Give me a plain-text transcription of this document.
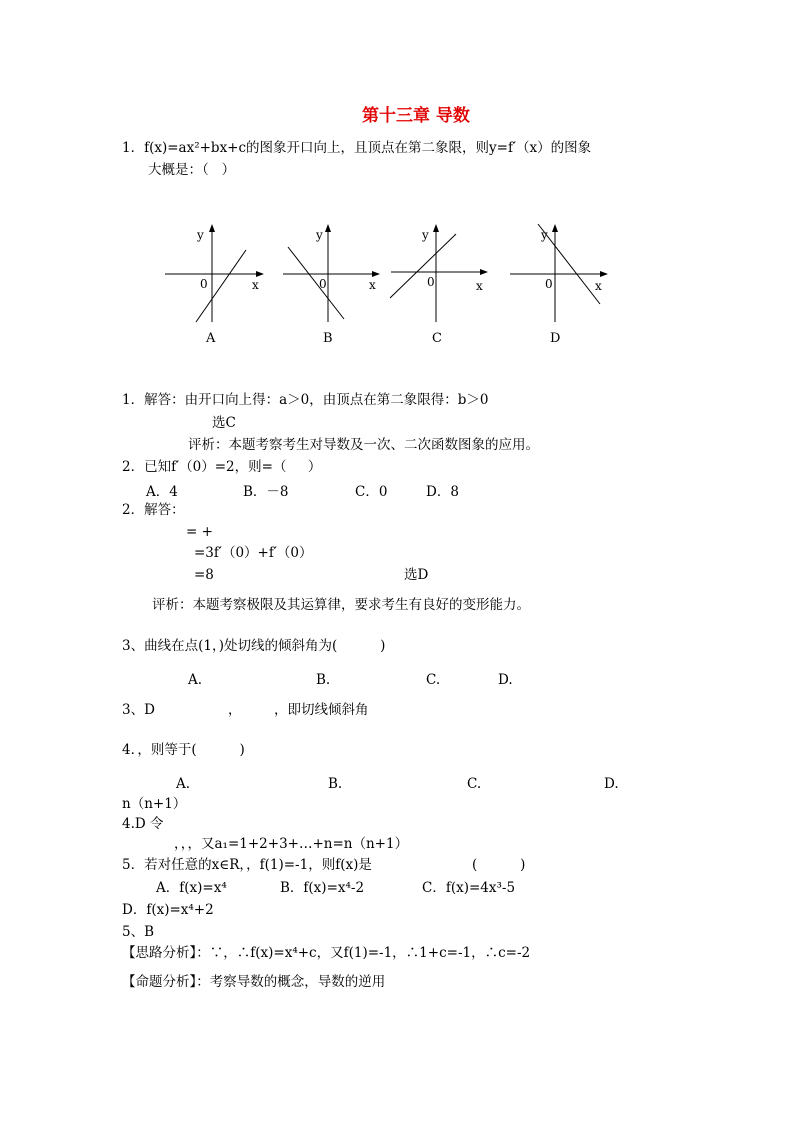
第十三章 导数
1．f(x)=ax²+bx+c的图象开口向上，且顶点在第二象限，则y=f′（x）的图象
大概是：（   ）
y
x
0
A
y
x
0
B
y
x
0
C
y
x
0
D
1．解答：由开口向上得：a＞0，由顶点在第二象限得：b＞0
选C
评析：本题考察考生对导数及一次、二次函数图象的应用。
2．已知f′（0）=2，则=（     ）
A．4	B．－8	C．0	D．8
2．解答：
= +
=3f′（0）+f′（0）
=8	选D
评析：本题考察极限及其运算律，要求考生有良好的变形能力。
3、曲线在点(1，)处切线的倾斜角为(          )
A.	B.	C.	D.
3、D	， ，即切线倾斜角
4．，则等于(          )
A.	B.	C.	D.
n（n+1）
4.D 令
，，，又a₁=1+2+3+…+n=n（n+1）
5．若对任意的x∈R，，f(1)=-1，则f(x)是	(          )
A．f(x)=x⁴	B．f(x)=x⁴-2	C．f(x)=4x³-5
D．f(x)=x⁴+2
5、B
【思路分析】：∵，∴f(x)=x⁴+c，又f(1)=-1，∴1+c=-1，∴c=-2
【命题分析】：考察导数的概念，导数的逆用
